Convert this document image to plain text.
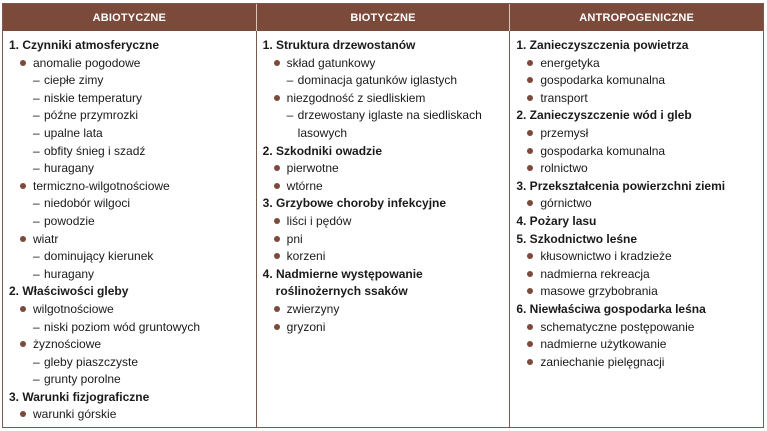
ABIOTYCZNE	BIOTYCZNE	ANTROPOGENICZNE
1. Czynniki atmosferyczne
anomalie pogodowe
– ciepłe zimy
– niskie temperatury
– późne przymrozki
– upalne lata
– obfity śnieg i szadź
– huragany
termiczno-wilgotnościowe
– niedobór wilgoci
– powodzie
wiatr
– dominujący kierunek
– huragany
2. Właściwości gleby
wilgotnościowe
– niski poziom wód gruntowych
żyznościowe
– gleby piaszczyste
– grunty porolne
3. Warunki fizjograficzne
warunki górskie
1. Struktura drzewostanów
skład gatunkowy
– dominacja gatunków iglastych
niezgodność z siedliskiem
– drzewostany iglaste na siedliskach
lasowych
2. Szkodniki owadzie
pierwotne
wtórne
3. Grzybowe choroby infekcyjne
liści i pędów
pni
korzeni
4. Nadmierne występowanie
roślinożernych ssaków
zwierzyny
gryzoni
1. Zanieczyszczenia powietrza
energetyka
gospodarka komunalna
transport
2. Zanieczyszczenie wód i gleb
przemysł
gospodarka komunalna
rolnictwo
3. Przekształcenia powierzchni ziemi
górnictwo
4. Pożary lasu
5. Szkodnictwo leśne
kłusownictwo i kradzieże
nadmierna rekreacja
masowe grzybobrania
6. Niewłaściwa gospodarka leśna
schematyczne postępowanie
nadmierne użytkowanie
zaniechanie pielęgnacji
